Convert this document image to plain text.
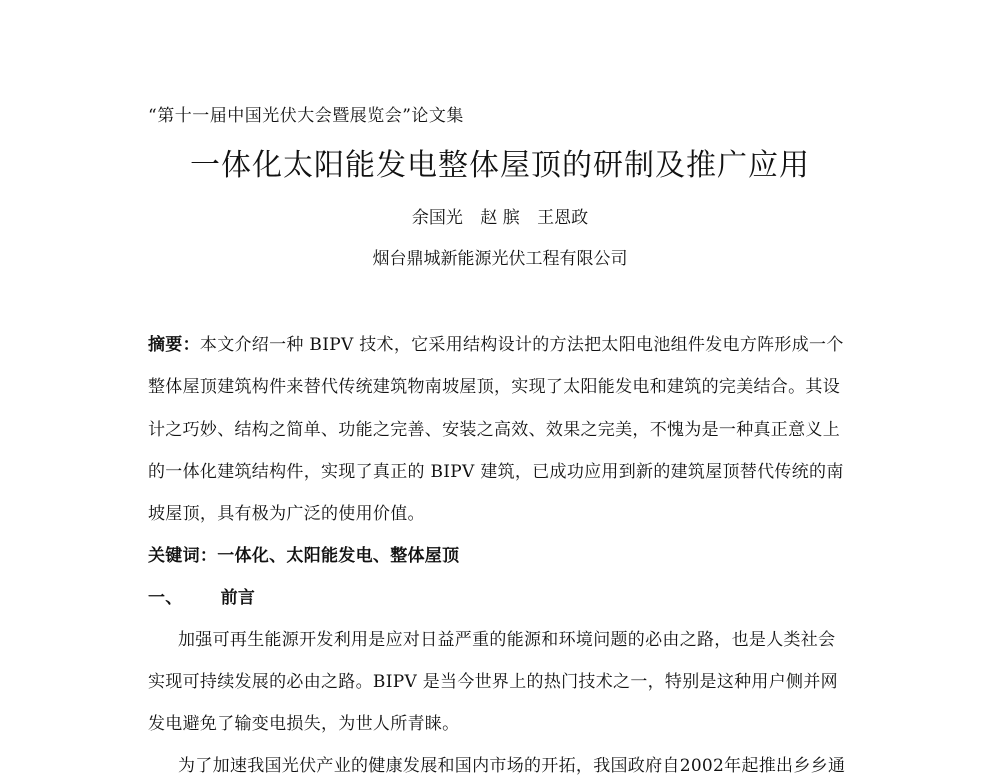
“第十一届中国光伏大会暨展览会”论文集
一体化太阳能发电整体屋顶的研制及推广应用
余国光 赵 膑 王恩政
烟台鼎城新能源光伏工程有限公司
摘要：本文介绍一种 BIPV 技术，它采用结构设计的方法把太阳电池组件发电方阵形成一个
整体屋顶建筑构件来替代传统建筑物南坡屋顶，实现了太阳能发电和建筑的完美结合。其设
计之巧妙、结构之简单、功能之完善、安装之高效、效果之完美，不愧为是一种真正意义上
的一体化建筑结构件，实现了真正的 BIPV 建筑，已成功应用到新的建筑屋顶替代传统的南
坡屋顶，具有极为广泛的使用价值。
关键词：一体化、太阳能发电、整体屋顶
一、 前言
加强可再生能源开发利用是应对日益严重的能源和环境问题的必由之路，也是人类社会
实现可持续发展的必由之路。BIPV 是当今世界上的热门技术之一，特别是这种用户侧并网
发电避免了输变电损失，为世人所青睐。
为了加速我国光伏产业的健康发展和国内市场的开拓，我国政府自2002年起推出乡乡通
